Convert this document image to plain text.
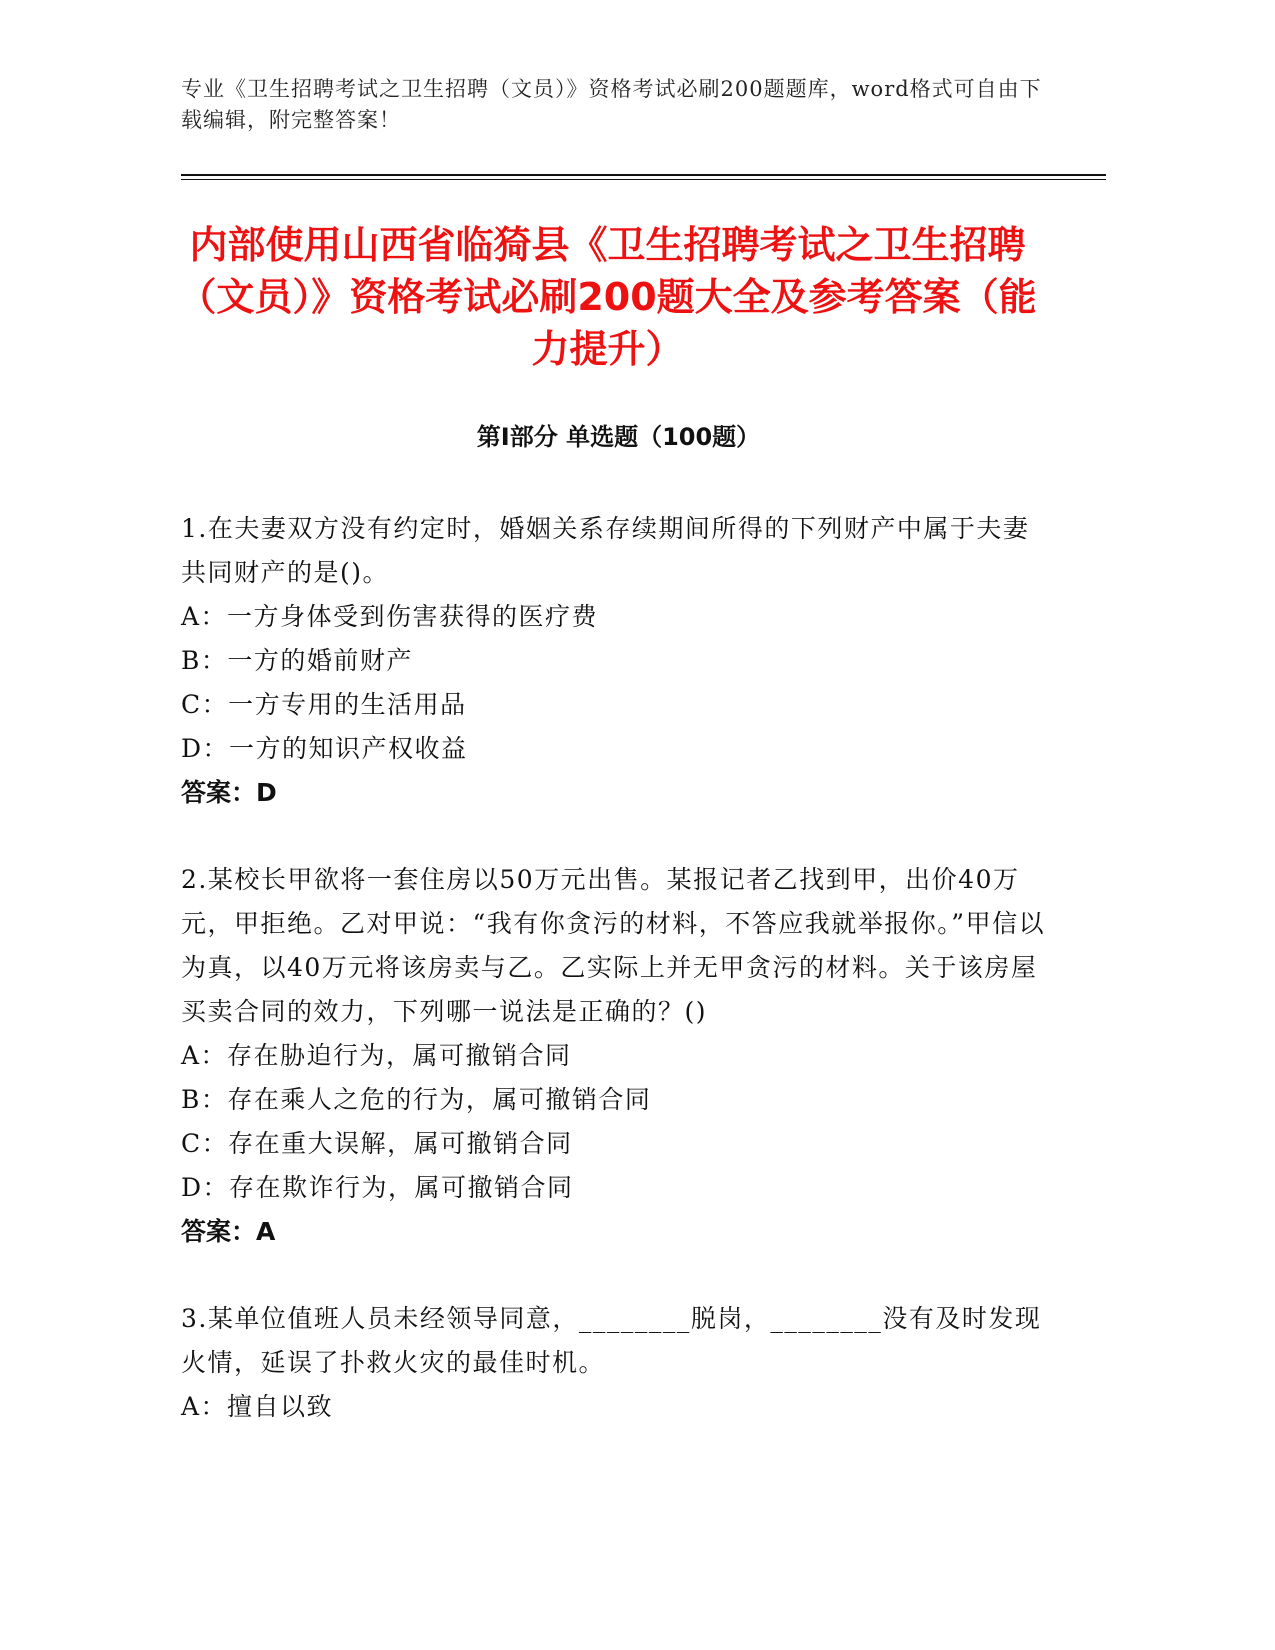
专业《卫生招聘考试之卫生招聘（文员）》资格考试必刷200题题库，word格式可自由下载编辑，附完整答案！
内部使用山西省临猗县《卫生招聘考试之卫生招聘（文员）》资格考试必刷200题大全及参考答案（能力提升）
第Ⅰ部分 单选题（100题）
1.在夫妻双方没有约定时，婚姻关系存续期间所得的下列财产中属于夫妻共同财产的是()。
A：一方身体受到伤害获得的医疗费
B：一方的婚前财产
C：一方专用的生活用品
D：一方的知识产权收益
答案：D
2.某校长甲欲将一套住房以50万元出售。某报记者乙找到甲，出价40万元，甲拒绝。乙对甲说：“我有你贪污的材料，不答应我就举报你。”甲信以为真，以40万元将该房卖与乙。乙实际上并无甲贪污的材料。关于该房屋买卖合同的效力，下列哪一说法是正确的？()
A：存在胁迫行为，属可撤销合同
B：存在乘人之危的行为，属可撤销合同
C：存在重大误解，属可撤销合同
D：存在欺诈行为，属可撤销合同
答案：A
3.某单位值班人员未经领导同意，________脱岗，________没有及时发现火情，延误了扑救火灾的最佳时机。
A：擅自以致
